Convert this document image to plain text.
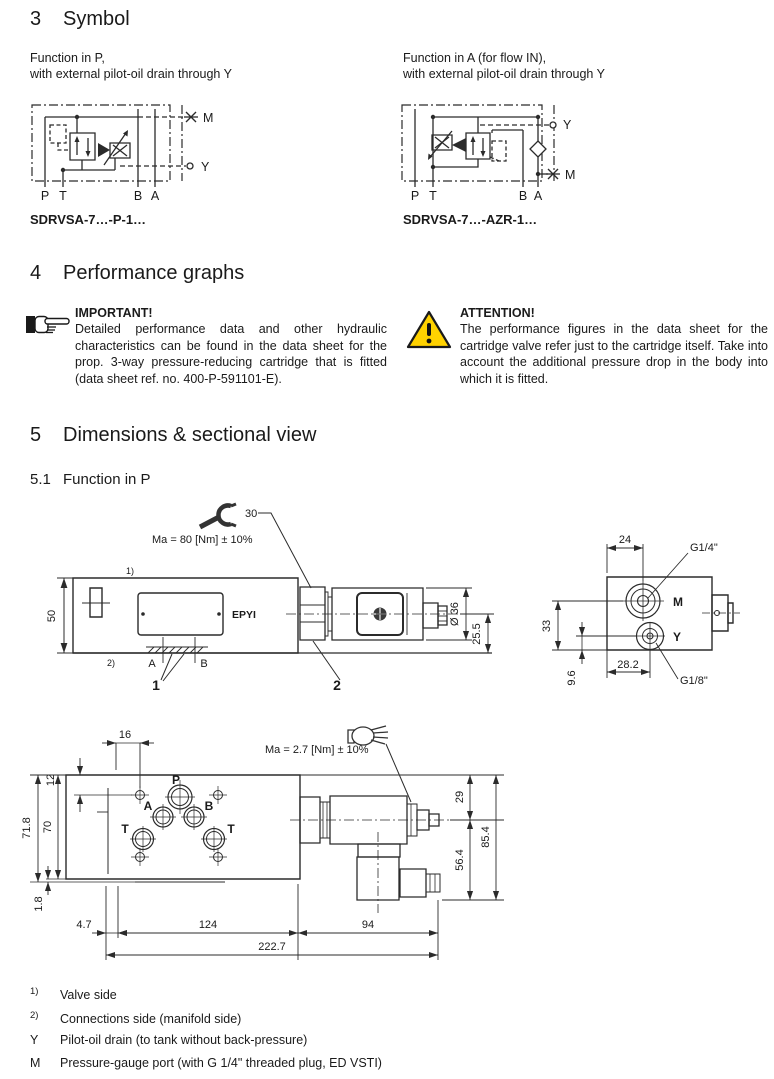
3 Symbol
Function in P,
with external pilot-oil drain through Y
Function in A (for flow IN),
with external pilot-oil drain through Y
P T	B A
M
Y
P T	B A
Y
M
SDRVSA-7…-P-1…	SDRVSA-7…-AZR-1…
4 Performance graphs

IMPORTANT!

Detailed performance data and other hydraulic characteristics can be found in the data sheet for the prop. 3-way pressure-reducing cartridge that is fitted (data sheet ref. no. 400-P-591101-E).

ATTENTION!

The performance figures in the data sheet for the cartridge valve refer just to the cartridge itself. Take into account the additional pressure drop in the body into which it is fitted.

5 Dimensions & sectional view
5.1 Function in P
30
Ma = 80 [Nm] ± 10%
50	EPYI
1)
2)	A	B
1	2
Ø 36
25.5
M
Y
24
G1/4"
33
9.6
28.2
G1/8"
Ma = 2.7 [Nm] ± 10%
P
A	B
T	T
16
12
71.8 70
1.8
4.7	124	94
222.7
29
56.4
85.4
1) Valve side
2) Connections side (manifold side)
Y Pilot-oil drain (to tank without back-pressure)
M Pressure-gauge port (with G 1/4" threaded plug, ED VSTI)
